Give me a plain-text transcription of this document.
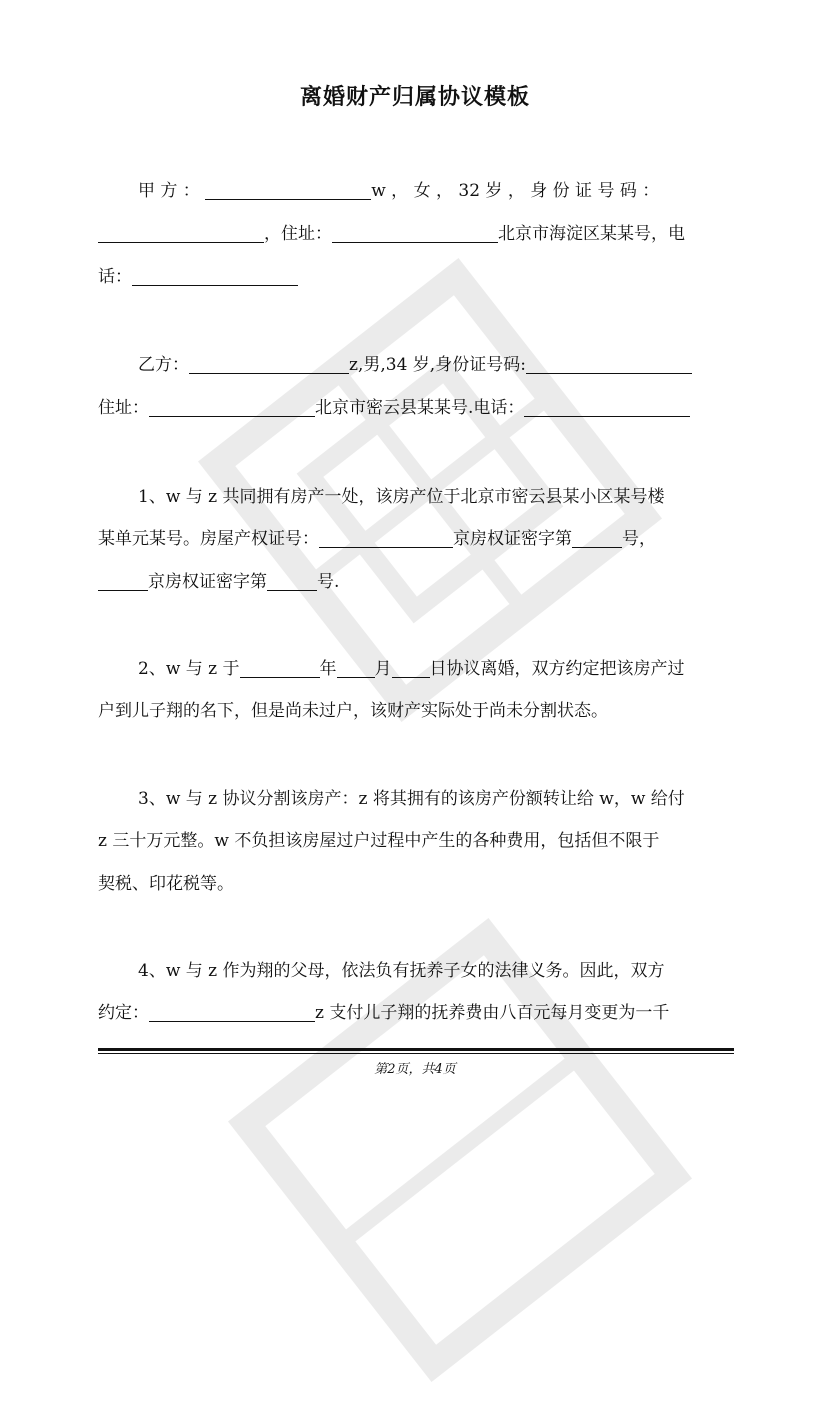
离婚财产归属协议模板
甲 方 ：	w ， 女 ， 32 岁 ， 身 份 证 号 码 ：
，住址：	北京市海淀区某某号，电
话：
乙方：	z,男,34 岁,身份证号码:
住址：	北京市密云县某某号.电话：
1、w 与 z 共同拥有房产一处，该房产位于北京市密云县某小区某号楼
某单元某号。房屋产权证号：	京房权证密字第	号，
京房权证密字第	号.
2、w 与 z 于	年 月 日协议离婚，双方约定把该房产过
户到儿子翔的名下，但是尚未过户，该财产实际处于尚未分割状态。
3、w 与 z 协议分割该房产：z 将其拥有的该房产份额转让给 w，w 给付
z 三十万元整。w 不负担该房屋过户过程中产生的各种费用，包括但不限于
契税、印花税等。
4、w 与 z 作为翔的父母，依法负有抚养子女的法律义务。因此，双方
约定：	z 支付儿子翔的抚养费由八百元每月变更为一千
第2页，共4页
